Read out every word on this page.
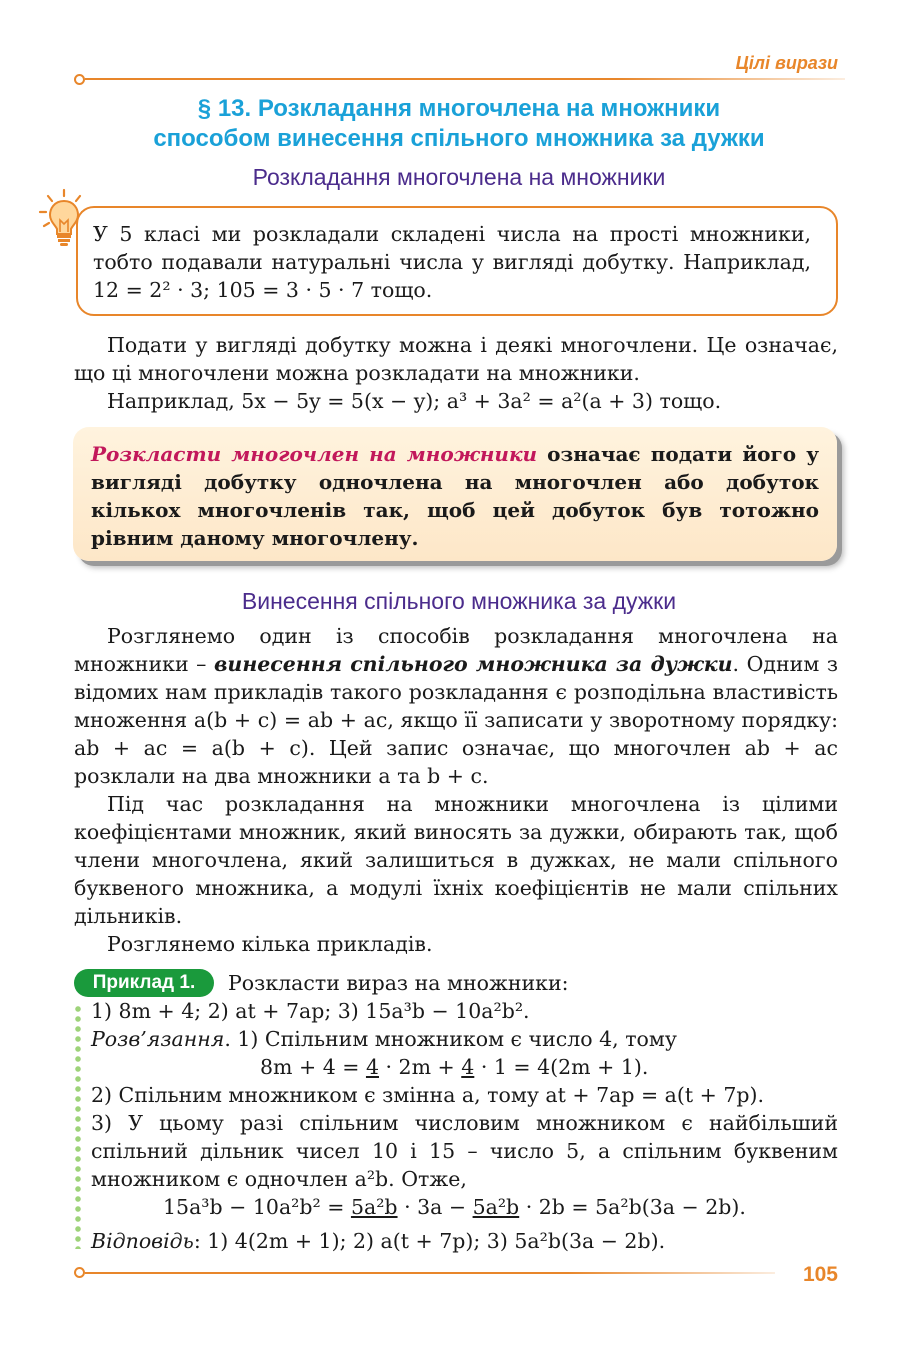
Цілі вирази
§ 13. Розкладання многочлена на множники
способом винесення спільного множника за дужки
Розкладання многочлена на множники

У 5 класі ми розкладали складені числа на прості множники, тобто подавали натуральні числа у вигляді добутку. Наприклад, 12 = 2² · 3; 105 = 3 · 5 · 7 тощо.

Подати у вигляді добутку можна і деякі многочлени. Це означає, що ці многочлени можна розкладати на множники.

Наприклад, 5x − 5y = 5(x − y); a³ + 3a² = a²(a + 3) тощо.

Розкласти многочлен на множники означає подати його у вигляді добутку одночлена на многочлен або добуток кількох многочленів так, щоб цей добуток був тотожно рівним даному многочлену.
Винесення спільного множника за дужки

Розглянемо один із способів розкладання многочлена на множники – винесення спільного множника за дужки. Одним з відомих нам прикладів такого розкладання є розподільна властивість множення a(b + c) = ab + ac, якщо її записати у зворотному порядку: ab + ac = a(b + c). Цей запис означає, що многочлен ab + ac розклали на два множники a та b + c.

Під час розкладання на множники многочлена із цілими коефіцієнтами множник, який виносять за дужки, обирають так, щоб члени многочлена, який залишиться в дужках, не мали спільного буквеного множника, а модулі їхніх коефіцієнтів не мали спільних дільників.

Розглянемо кілька прикладів.

Приклад 1.	Розкласти вираз на множники:
1) 8m + 4; 2) at + 7ap; 3) 15a³b − 10a²b².
Розв’язання. 1) Спільним множником є число 4, тому
8m + 4 = 4 · 2m + 4 · 1 = 4(2m + 1).
2) Спільним множником є змінна a, тому at + 7ap = a(t + 7p).

3) У цьому разі спільним числовим множником є найбільший спільний дільник чисел 10 і 15 – число 5, а спільним буквеним множником є одночлен a²b. Отже,

15a³b − 10a²b² = 5a²b · 3a − 5a²b · 2b = 5a²b(3a − 2b).
Відповідь: 1) 4(2m + 1); 2) a(t + 7p); 3) 5a²b(3a − 2b).
105
